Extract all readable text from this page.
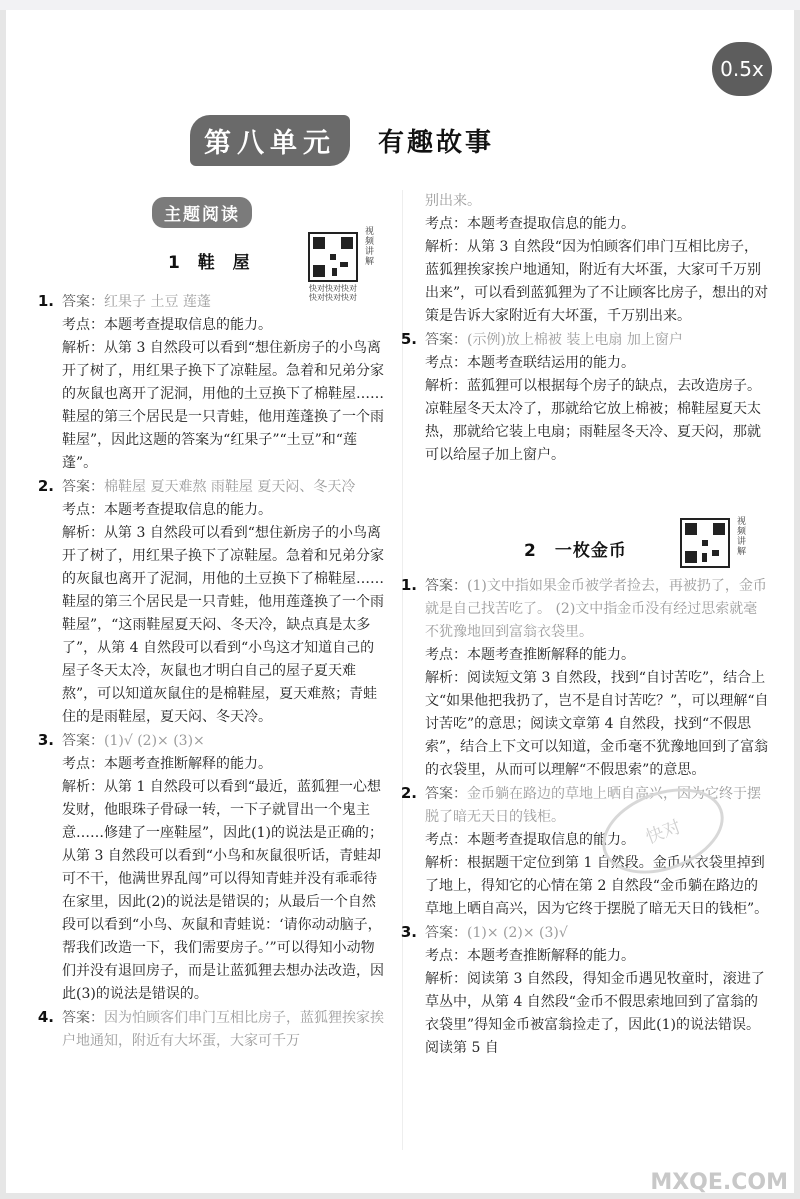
0.5x
第八单元	有趣故事
主题阅读
1 鞋 屋
2　一枚金币
视频讲解
快对快对快对
快对快对快对
视频讲解

1. 答案：红果子 土豆 莲蓬

考点：本题考查提取信息的能力。

解析：从第 3 自然段可以看到“想住新房子的小鸟离开了树了，用红果子换下了凉鞋屋。急着和兄弟分家的灰鼠也离开了泥洞，用他的土豆换下了棉鞋屋……鞋屋的第三个居民是一只青蛙，他用莲蓬换了一个雨鞋屋”，因此这题的答案为“红果子”“土豆”和“莲蓬”。

2. 答案：棉鞋屋 夏天难熬 雨鞋屋 夏天闷、冬天冷

考点：本题考查提取信息的能力。

解析：从第 3 自然段可以看到“想住新房子的小鸟离开了树了，用红果子换下了凉鞋屋。急着和兄弟分家的灰鼠也离开了泥洞，用他的土豆换下了棉鞋屋……鞋屋的第三个居民是一只青蛙，他用莲蓬换了一个雨鞋屋”，“这雨鞋屋夏天闷、冬天冷，缺点真是太多了”，从第 4 自然段可以看到“小鸟这才知道自己的屋子冬天太冷，灰鼠也才明白自己的屋子夏天难熬”，可以知道灰鼠住的是棉鞋屋，夏天难熬；青蛙住的是雨鞋屋，夏天闷、冬天冷。

3. 答案：(1)√ (2)× (3)×

考点：本题考查推断解释的能力。

解析：从第 1 自然段可以看到“最近，蓝狐狸一心想发财，他眼珠子骨碌一转，一下子就冒出一个鬼主意……修建了一座鞋屋”，因此(1)的说法是正确的；从第 3 自然段可以看到“小鸟和灰鼠很听话，青蛙却可不干，他满世界乱闯”可以得知青蛙并没有乖乖待在家里，因此(2)的说法是错误的；从最后一个自然段可以看到“小鸟、灰鼠和青蛙说：‘请你动动脑子，帮我们改造一下，我们需要房子。’”可以得知小动物们并没有退回房子，而是让蓝狐狸去想办法改造，因此(3)的说法是错误的。

4. 答案：因为怕顾客们串门互相比房子，蓝狐狸挨家挨户地通知，附近有大坏蛋，大家可千万

别出来。

考点：本题考查提取信息的能力。

解析：从第 3 自然段“因为怕顾客们串门互相比房子，蓝狐狸挨家挨户地通知，附近有大坏蛋，大家可千万别出来”，可以看到蓝狐狸为了不让顾客比房子，想出的对策是告诉大家附近有大坏蛋，千万别出来。

5. 答案：(示例)放上棉被 装上电扇 加上窗户

考点：本题考查联结运用的能力。

解析：蓝狐狸可以根据每个房子的缺点，去改造房子。凉鞋屋冬天太冷了，那就给它放上棉被；棉鞋屋夏天太热，那就给它装上电扇；雨鞋屋冬天冷、夏天闷，那就可以给屋子加上窗户。

1. 答案：(1)文中指如果金币被学者捡去，再被扔了，金币就是自己找苦吃了。 (2)文中指金币没有经过思索就毫不犹豫地回到富翁衣袋里。

考点：本题考查推断解释的能力。

解析：阅读短文第 3 自然段，找到“自讨苦吃”，结合上文“如果他把我扔了，岂不是自讨苦吃？”，可以理解“自讨苦吃”的意思；阅读文章第 4 自然段，找到“不假思索”，结合上下文可以知道，金币毫不犹豫地回到了富翁的衣袋里，从而可以理解“不假思索”的意思。

2. 答案：金币躺在路边的草地上晒自高兴，因为它终于摆脱了暗无天日的钱柜。

考点：本题考查提取信息的能力。

解析：根据题干定位到第 1 自然段。金币从衣袋里掉到了地上，得知它的心情在第 2 自然段“金币躺在路边的草地上晒自高兴，因为它终于摆脱了暗无天日的钱柜”。

3. 答案：(1)× (2)× (3)√

考点：本题考查推断解释的能力。

解析：阅读第 3 自然段，得知金币遇见牧童时，滚进了草丛中，从第 4 自然段“金币不假思索地回到了富翁的衣袋里”得知金币被富翁捡走了，因此(1)的说法错误。阅读第 5 自

快对
MXQE.COM
